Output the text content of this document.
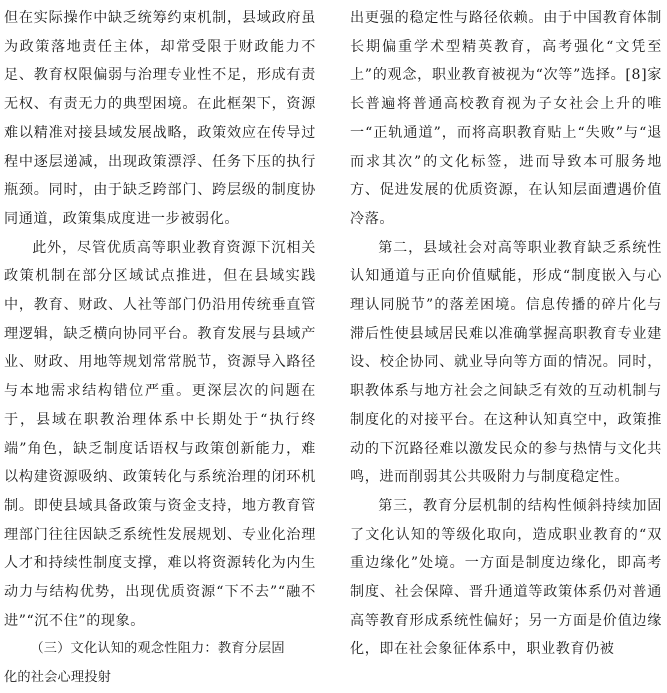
但在实际操作中缺乏统筹约束机制，县域政府虽为政策落地责任主体，却常受限于财政能力不足、教育权限偏弱与治理专业性不足，形成有责无权、有责无力的典型困境。在此框架下，资源难以精准对接县域发展战略，政策效应在传导过程中逐层递减，出现政策漂浮、任务下压的执行瓶颈。同时，由于缺乏跨部门、跨层级的制度协同通道，政策集成度进一步被弱化。

此外，尽管优质高等职业教育资源下沉相关政策机制在部分区域试点推进，但在县域实践中，教育、财政、人社等部门仍沿用传统垂直管理逻辑，缺乏横向协同平台。教育发展与县域产业、财政、用地等规划常常脱节，资源导入路径与本地需求结构错位严重。更深层次的问题在于，县域在职教治理体系中长期处于“执行终端”角色，缺乏制度话语权与政策创新能力，难以构建资源吸纳、政策转化与系统治理的闭环机制。即使县域具备政策与资金支持，地方教育管理部门往往因缺乏系统性发展规划、专业化治理人才和持续性制度支撑，难以将资源转化为内生动力与结构优势，出现优质资源“下不去”“融不进”“沉不住”的现象。

（三）文化认知的观念性阻力：教育分层固

化的社会心理投射

出更强的稳定性与路径依赖。由于中国教育体制长期偏重学术型精英教育，高考强化“文凭至上”的观念，职业教育被视为“次等”选择。[8]家长普遍将普通高校教育视为子女社会上升的唯一“正轨通道”，而将高职教育贴上“失败”与“退而求其次”的文化标签，进而导致本可服务地方、促进发展的优质资源，在认知层面遭遇价值冷落。

第二，县域社会对高等职业教育缺乏系统性认知通道与正向价值赋能，形成“制度嵌入与心理认同脱节”的落差困境。信息传播的碎片化与滞后性使县域居民难以准确掌握高职教育专业建设、校企协同、就业导向等方面的情况。同时，职教体系与地方社会之间缺乏有效的互动机制与制度化的对接平台。在这种认知真空中，政策推动的下沉路径难以激发民众的参与热情与文化共鸣，进而削弱其公共吸附力与制度稳定性。

第三，教育分层机制的结构性倾斜持续加固了文化认知的等级化取向，造成职业教育的“双重边缘化”处境。一方面是制度边缘化，即高考制度、社会保障、晋升通道等政策体系仍对普通高等教育形成系统性偏好；另一方面是价值边缘化，即在社会象征体系中，职业教育仍被
